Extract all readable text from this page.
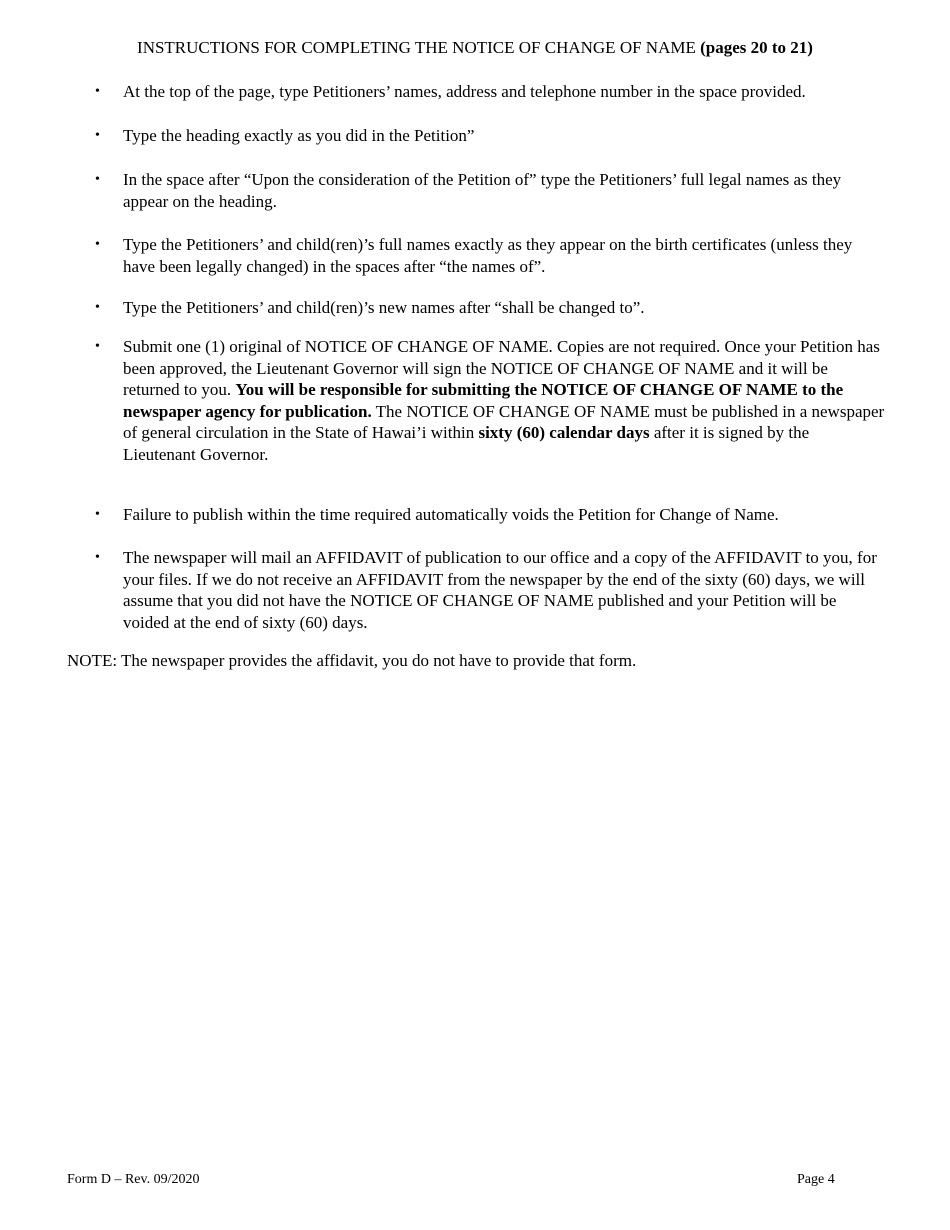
INSTRUCTIONS FOR COMPLETING THE NOTICE OF CHANGE OF NAME (pages 20 to 21)
•	At the top of the page, type Petitioners’ names, address and telephone number in the space provided.
•	Type the heading exactly as you did in the Petition”
•	In the space after “Upon the consideration of the Petition of” type the Petitioners’ full legal names as they appear on the heading.
•	Type the Petitioners’ and child(ren)’s full names exactly as they appear on the birth certificates (unless they have been legally changed) in the spaces after “the names of”.
•	Type the Petitioners’ and child(ren)’s new names after “shall be changed to”.
•	Submit one (1) original of NOTICE OF CHANGE OF NAME. Copies are not required. Once your Petition has been approved, the Lieutenant Governor will sign the NOTICE OF CHANGE OF NAME and it will be returned to you. You will be responsible for submitting the NOTICE OF CHANGE OF NAME to the newspaper agency for publication. The NOTICE OF CHANGE OF NAME must be published in a newspaper of general circulation in the State of Hawai’i within sixty (60) calendar days after it is signed by the Lieutenant Governor.
•	Failure to publish within the time required automatically voids the Petition for Change of Name.
•	The newspaper will mail an AFFIDAVIT of publication to our office and a copy of the AFFIDAVIT to you, for your files. If we do not receive an AFFIDAVIT from the newspaper by the end of the sixty (60) days, we will assume that you did not have the NOTICE OF CHANGE OF NAME published and your Petition will be voided at the end of sixty (60) days.
NOTE: The newspaper provides the affidavit, you do not have to provide that form.
Form D – Rev. 09/2020	Page 4
